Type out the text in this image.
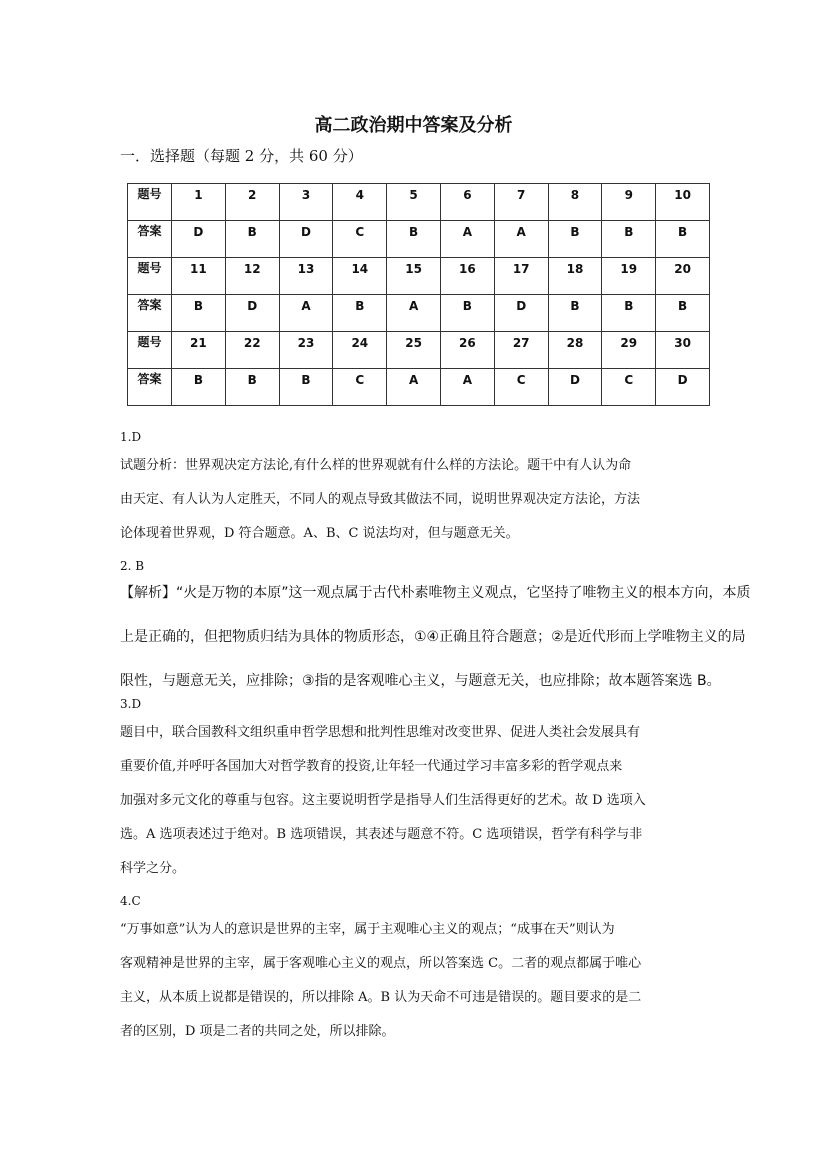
高二政治期中答案及分析
一．选择题（每题 2 分，共 60 分）
题号	1	2	3	4	5	6	7	8	9	10
答案	D	B	D	C	B	A	A	B	B	B
题号	11	12	13	14	15	16	17	18	19	20
答案	B	D	A	B	A	B	D	B	B	B
题号	21	22	23	24	25	26	27	28	29	30
答案	B	B	B	C	A	A	C	D	C	D
1.D
试题分析：世界观决定方法论,有什么样的世界观就有什么样的方法论。题干中有人认为命
由天定、有人认为人定胜天，不同人的观点导致其做法不同，说明世界观决定方法论，方法
论体现着世界观，D 符合题意。A、B、C 说法均对，但与题意无关。
2. B
【解析】“火是万物的本原”这一观点属于古代朴素唯物主义观点，它坚持了唯物主义的根本方向，本质
上是正确的，但把物质归结为具体的物质形态，①④正确且符合题意；②是近代形而上学唯物主义的局
限性，与题意无关，应排除；③指的是客观唯心主义，与题意无关，也应排除；故本题答案选 B。
3.D
题目中，联合国教科文组织重申哲学思想和批判性思维对改变世界、促进人类社会发展具有
重要价值,并呼吁各国加大对哲学教育的投资,让年轻一代通过学习丰富多彩的哲学观点来
加强对多元文化的尊重与包容。这主要说明哲学是指导人们生活得更好的艺术。故 D 选项入
选。A 选项表述过于绝对。B 选项错误，其表述与题意不符。C 选项错误，哲学有科学与非
科学之分。
4.C
“万事如意”认为人的意识是世界的主宰，属于主观唯心主义的观点；“成事在天”则认为
客观精神是世界的主宰，属于客观唯心主义的观点，所以答案选 C。二者的观点都属于唯心
主义，从本质上说都是错误的，所以排除 A。B 认为天命不可违是错误的。题目要求的是二
者的区别，D 项是二者的共同之处，所以排除。
